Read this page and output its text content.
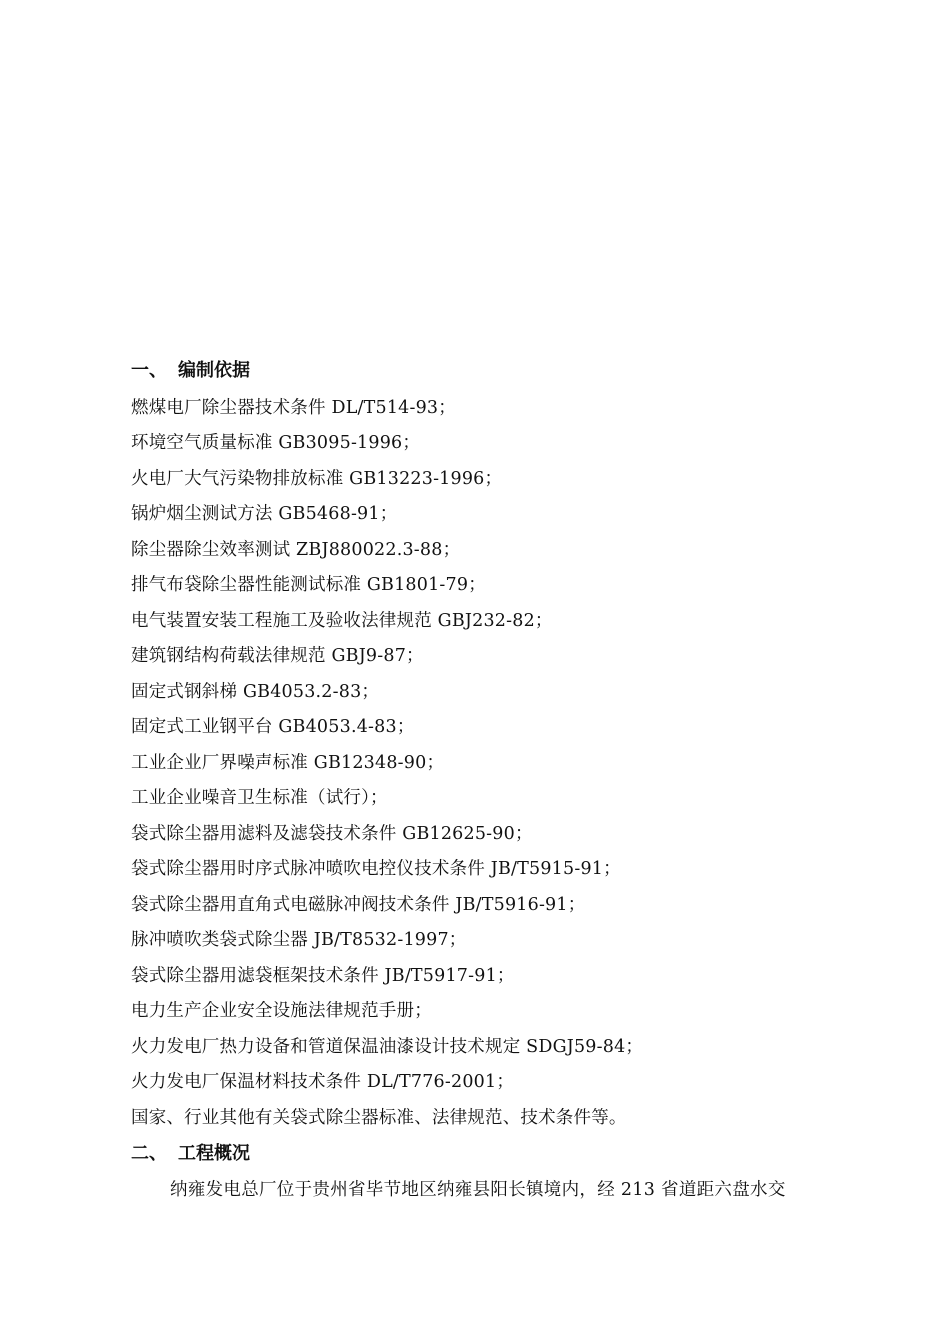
一、 编制依据
燃煤电厂除尘器技术条件 DL/T514-93；
环境空气质量标准 GB3095-1996；
火电厂大气污染物排放标准 GB13223-1996；
锅炉烟尘测试方法 GB5468-91；
除尘器除尘效率测试 ZBJ880022.3-88；
排气布袋除尘器性能测试标准 GB1801-79；
电气装置安装工程施工及验收法律规范 GBJ232-82；
建筑钢结构荷载法律规范 GBJ9-87；
固定式钢斜梯 GB4053.2-83；
固定式工业钢平台 GB4053.4-83；
工业企业厂界噪声标准 GB12348-90；
工业企业噪音卫生标准（试行）；
袋式除尘器用滤料及滤袋技术条件 GB12625-90；
袋式除尘器用时序式脉冲喷吹电控仪技术条件 JB/T5915-91；
袋式除尘器用直角式电磁脉冲阀技术条件 JB/T5916-91；
脉冲喷吹类袋式除尘器 JB/T8532-1997；
袋式除尘器用滤袋框架技术条件 JB/T5917-91；
电力生产企业安全设施法律规范手册；
火力发电厂热力设备和管道保温油漆设计技术规定 SDGJ59-84；
火力发电厂保温材料技术条件 DL/T776-2001；
国家、行业其他有关袋式除尘器标准、法律规范、技术条件等。
二、 工程概况
纳雍发电总厂位于贵州省毕节地区纳雍县阳长镇境内，经 213 省道距六盘水交
